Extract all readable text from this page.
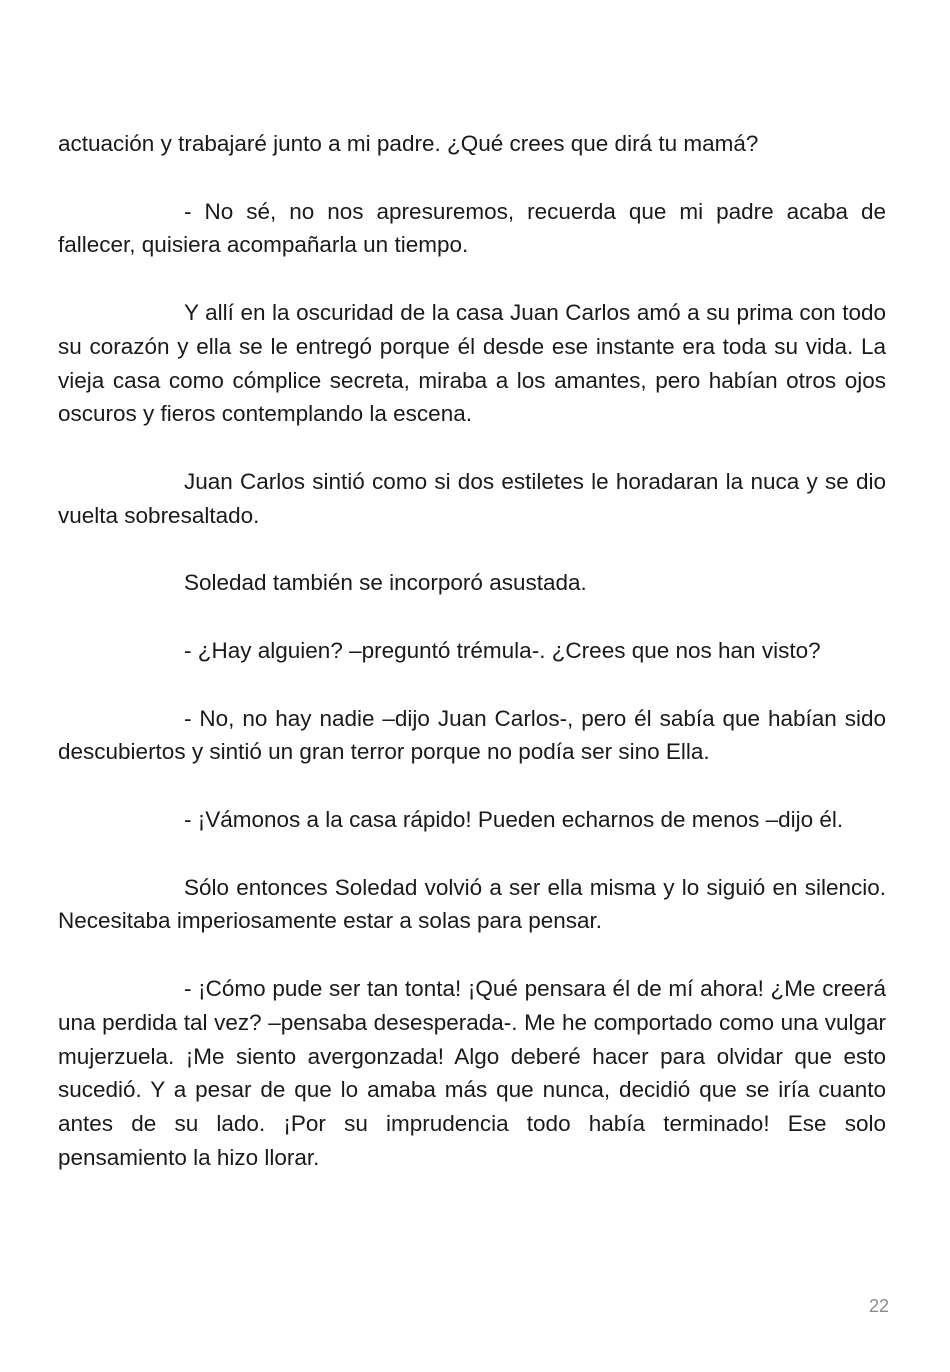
actuación y trabajaré junto a mi padre. ¿Qué crees que dirá tu mamá?

- No sé, no nos apresuremos, recuerda que mi padre acaba de fallecer, quisiera acompañarla un tiempo.

Y allí en la oscuridad de la casa Juan Carlos amó a su prima con todo su corazón y ella se le entregó porque él desde ese instante era toda su vida. La vieja casa como cómplice secreta, miraba a los amantes, pero habían otros ojos oscuros y fieros contemplando la escena.

Juan Carlos sintió como si dos estiletes le horadaran la nuca y se dio vuelta sobresaltado.

Soledad también se incorporó asustada.

- ¿Hay alguien? –preguntó trémula-. ¿Crees que nos han visto?

- No, no hay nadie –dijo Juan Carlos-, pero él sabía que habían sido descubiertos y sintió un gran terror porque no podía ser sino Ella.

- ¡Vámonos a la casa rápido! Pueden echarnos de menos –dijo él.

Sólo entonces Soledad volvió a ser ella misma y lo siguió en silencio. Necesitaba imperiosamente estar a solas para pensar.

- ¡Cómo pude ser tan tonta! ¡Qué pensara él de mí ahora! ¿Me creerá una perdida tal vez? –pensaba desesperada-. Me he comportado como una vulgar mujerzuela. ¡Me siento avergonzada! Algo deberé hacer para olvidar que esto sucedió. Y a pesar de que lo amaba más que nunca, decidió que se iría cuanto antes de su lado. ¡Por su imprudencia todo había terminado! Ese solo pensamiento la hizo llorar.

22
